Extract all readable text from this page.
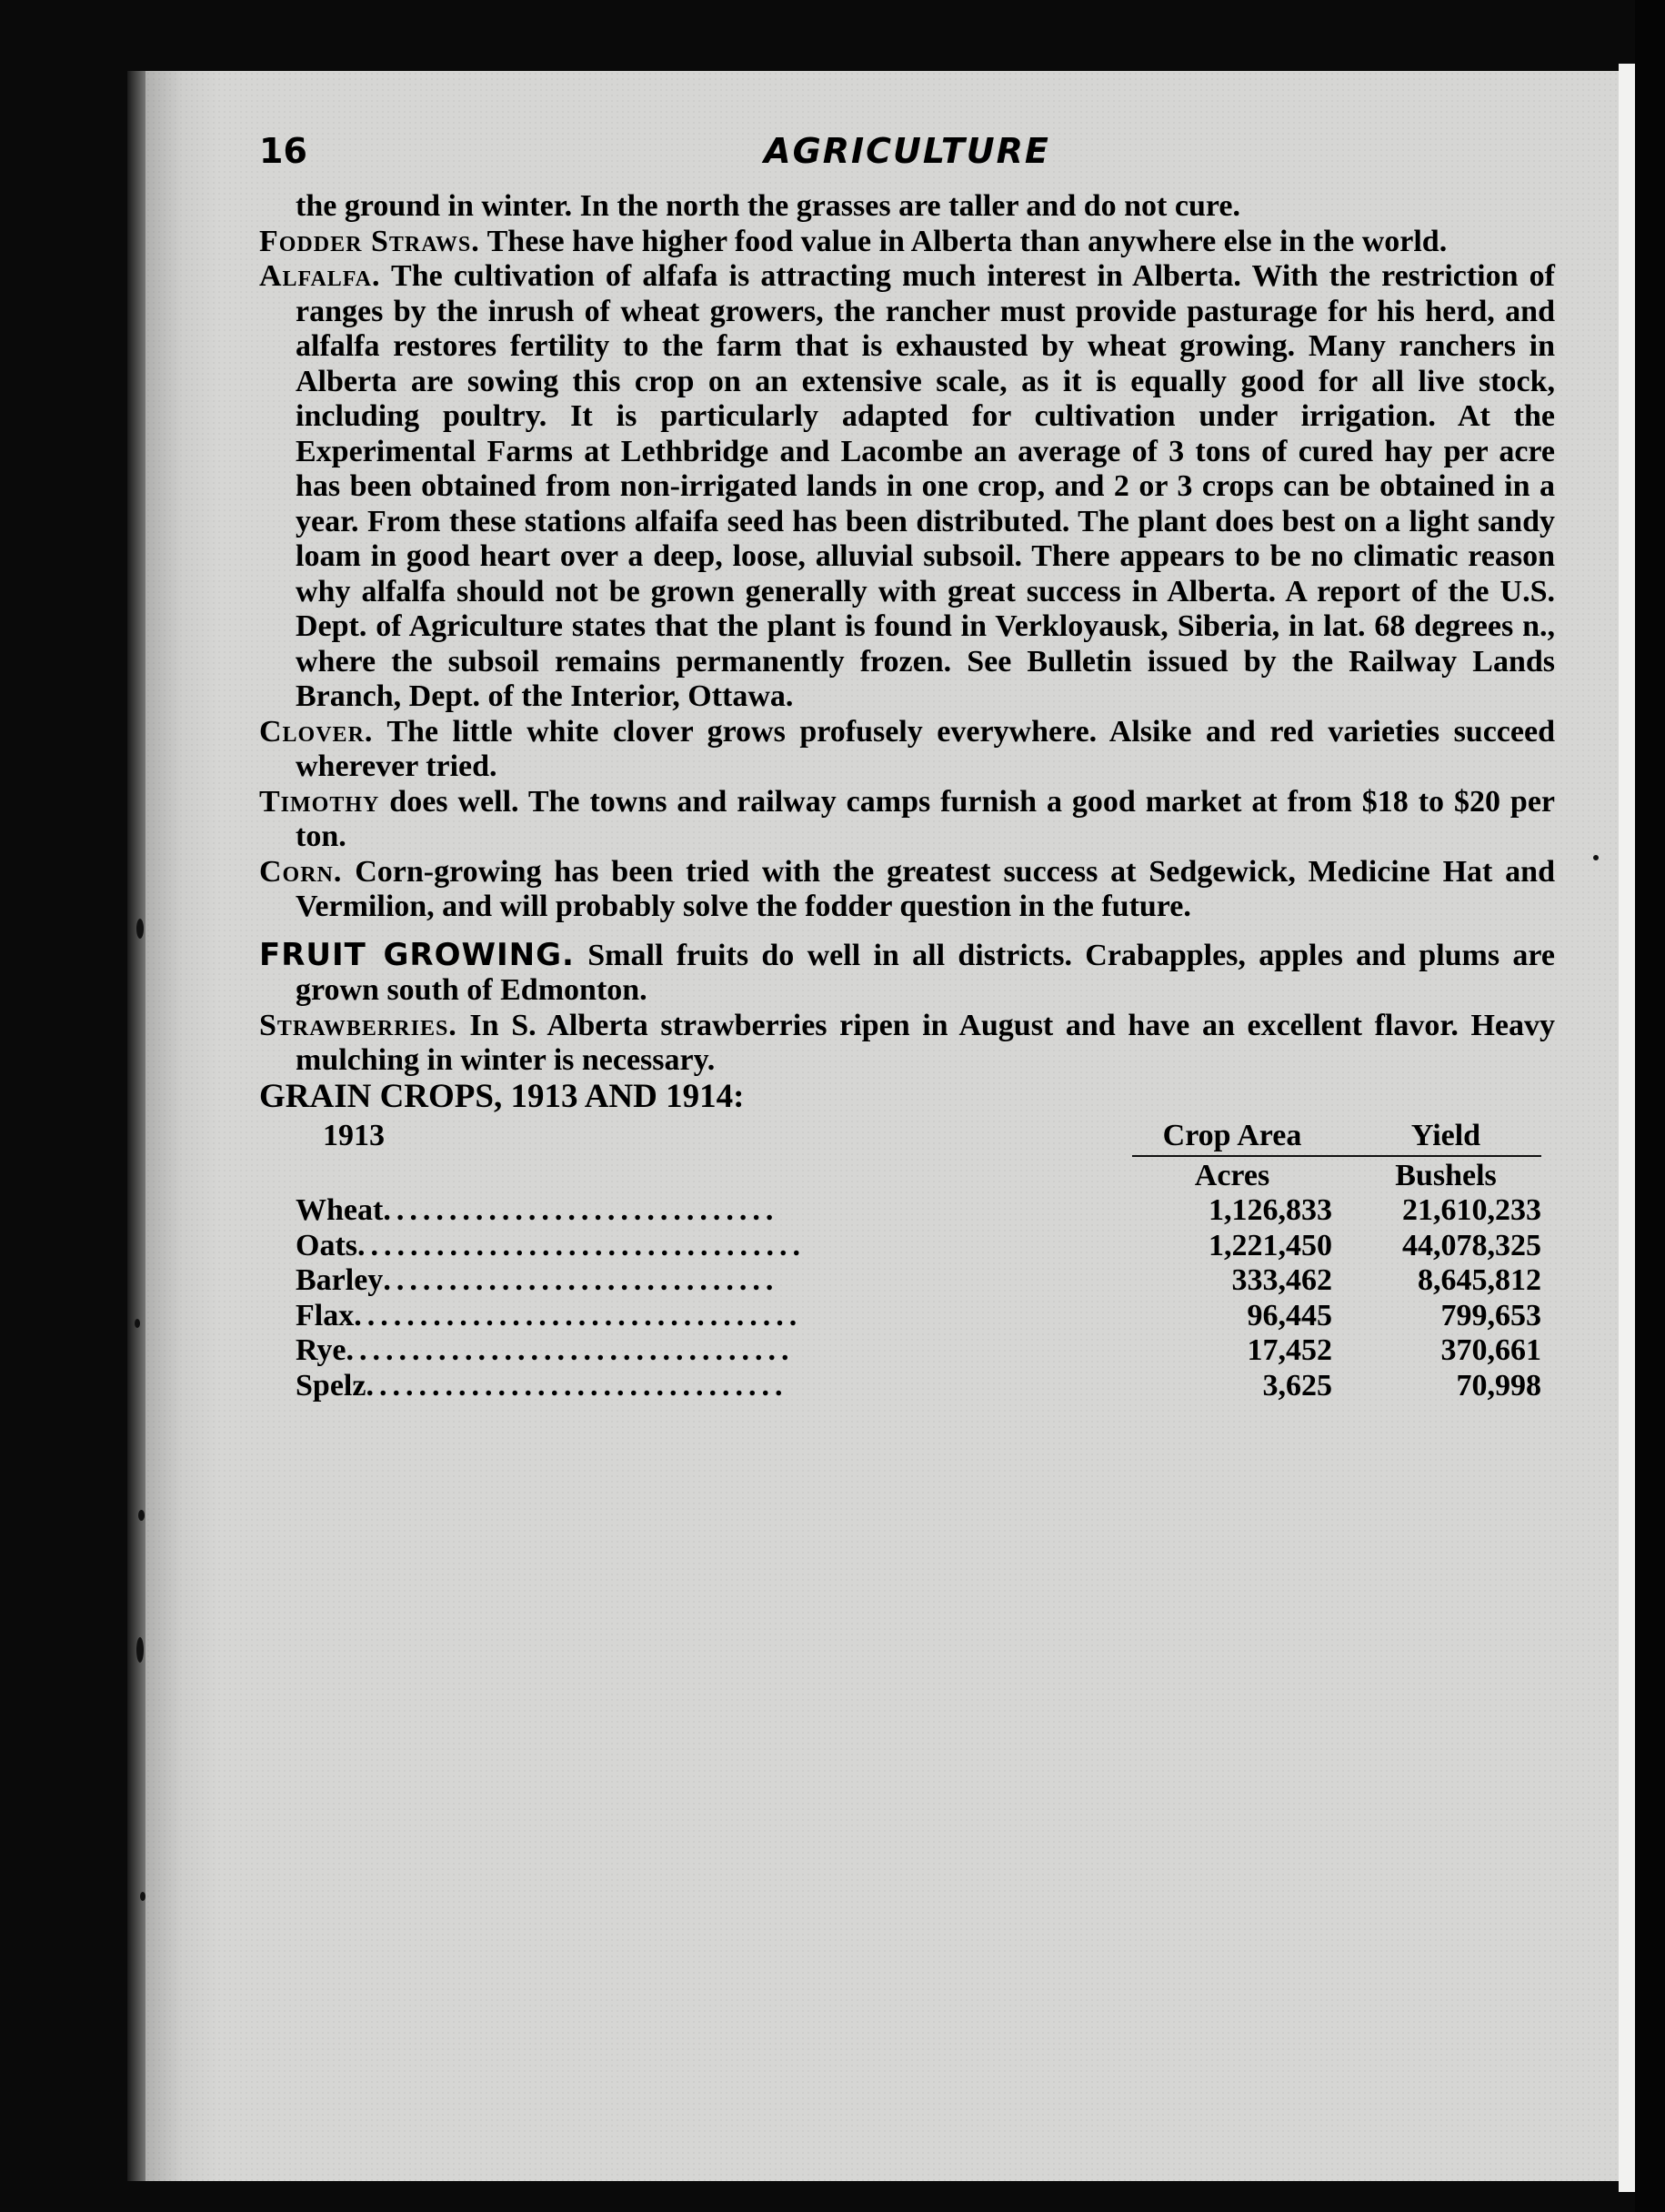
16	AGRICULTURE

the ground in winter. In the north the grasses are taller and do not cure.

Fodder Straws. These have higher food value in Alberta than anywhere else in the world.

Alfalfa. The cultivation of alfafa is attracting much interest in Alberta. With the restriction of ranges by the inrush of wheat growers, the rancher must provide pasturage for his herd, and alfalfa restores fertility to the farm that is exhausted by wheat growing. Many ranchers in Alberta are sowing this crop on an extensive scale, as it is equally good for all live stock, including poultry. It is particularly adapted for cultivation under irrigation. At the Experimental Farms at Lethbridge and Lacombe an average of 3 tons of cured hay per acre has been obtained from non-irrigated lands in one crop, and 2 or 3 crops can be obtained in a year. From these stations alfaifa seed has been distributed. The plant does best on a light sandy loam in good heart over a deep, loose, alluvial subsoil. There appears to be no climatic reason why alfalfa should not be grown generally with great success in Alberta. A report of the U.S. Dept. of Agriculture states that the plant is found in Verkloyausk, Siberia, in lat. 68 degrees n., where the subsoil remains permanently frozen. See Bulletin issued by the Railway Lands Branch, Dept. of the Interior, Ottawa.

Clover. The little white clover grows profusely everywhere. Alsike and red varieties succeed wherever tried.

Timothy does well. The towns and railway camps furnish a good market at from $18 to $20 per ton.

Corn. Corn-growing has been tried with the greatest success at Sedgewick, Medicine Hat and Vermilion, and will probably solve the fodder question in the future.

FRUIT GROWING. Small fruits do well in all districts. Crabapples, apples and plums are grown south of Edmonton.

Strawberries. In S. Alberta strawberries ripen in August and have an excellent flavor. Heavy mulching in winter is necessary.

GRAIN CROPS, 1913 AND 1914:

1913	Crop Area	Yield
Acres	Bushels
Wheat..............................	1,126,833	21,610,233
Oats..................................	1,221,450	44,078,325
Barley..............................	333,462	8,645,812
Flax..................................	96,445	799,653
Rye..................................	17,452	370,661
Spelz................................	3,625	70,998
